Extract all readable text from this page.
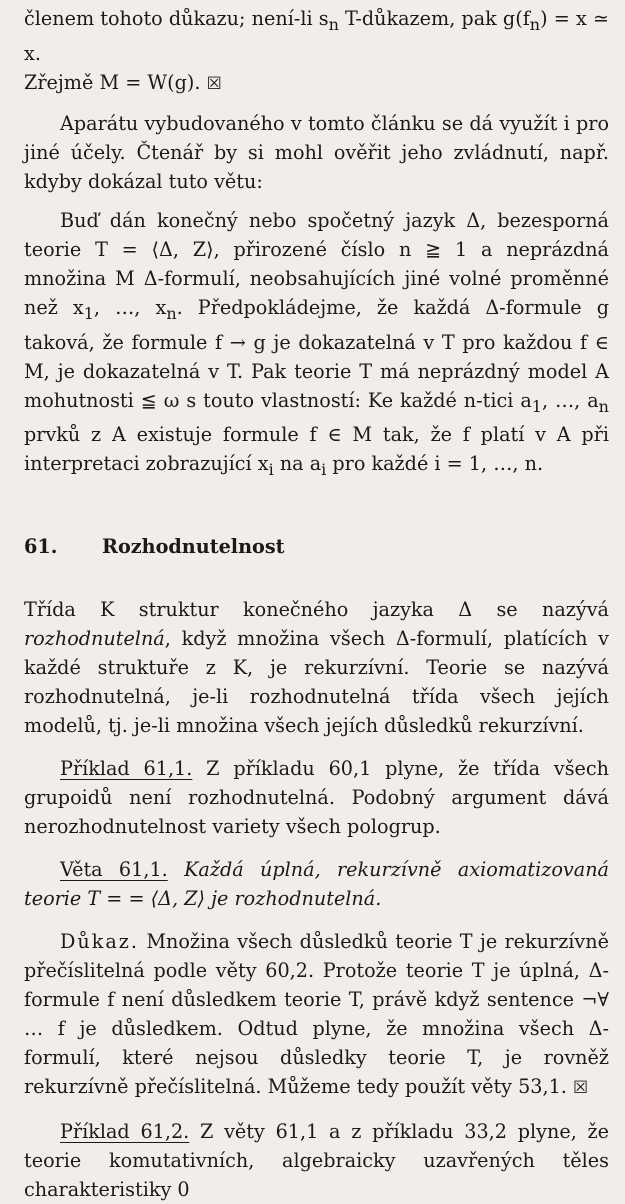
členem tohoto důkazu; není-li $s_n$ T-důkazem, pak $g(f_n) = x$ ≃ x.
Zřejmě M = W(g). ☒

Aparátu vybudovaného v tomto článku se dá využít i pro jiné účely. Čtenář by si mohl ověřit jeho zvládnutí, např. kdyby dokázal tuto větu:

Buď dán konečný nebo spočetný jazyk Δ, bezesporná teorie T = ⟨Δ, Z⟩, přirozené číslo n ≧ 1 a neprázdná množina M Δ-formulí, neobsahujících jiné volné proměnné než $x_1$, …, $x_n$. Předpokládejme, že každá Δ-formule g taková, že formule f → g je dokazatelná v T pro každou f ∈ M, je dokazatelná v T. Pak teorie T má neprázdný model A mohutnosti ≦ ω s touto vlastností: Ke každé n-tici $a_1$, …, $a_n$ prvků z A existuje formule f ∈ M tak, že f platí v A při interpretaci zobrazující $x_i$ na $a_i$ pro každé i = 1, …, n.

61.	Rozhodnutelnost

Třída K struktur konečného jazyka Δ se nazývá rozhodnutelná, když množina všech Δ-formulí, platících v každé struktuře z K, je rekurzívní. Teorie se nazývá rozhodnutelná, je-li rozhodnutelná třída všech jejích modelů, tj. je-li množina všech jejích důsledků rekurzívní.

Příklad 61,1. Z příkladu 60,1 plyne, že třída všech grupoidů není rozhodnutelná. Podobný argument dává nerozhodnutelnost variety všech pologrup.

Věta 61,1. Každá úplná, rekurzívně axiomatizovaná teorie T = = ⟨Δ, Z⟩ je rozhodnutelná.

Důkaz. Množina všech důsledků teorie T je rekurzívně přečíslitelná podle věty 60,2. Protože teorie T je úplná, Δ-formule f není důsledkem teorie T, právě když sentence ¬∀ … f je důsledkem. Odtud plyne, že množina všech Δ-formulí, které nejsou důsledky teorie T, je rovněž rekurzívně přečíslitelná. Můžeme tedy použít věty 53,1. ☒

Příklad 61,2. Z věty 61,1 a z příkladu 33,2 plyne, že teorie komutativních, algebraicky uzavřených těles charakteristiky 0
